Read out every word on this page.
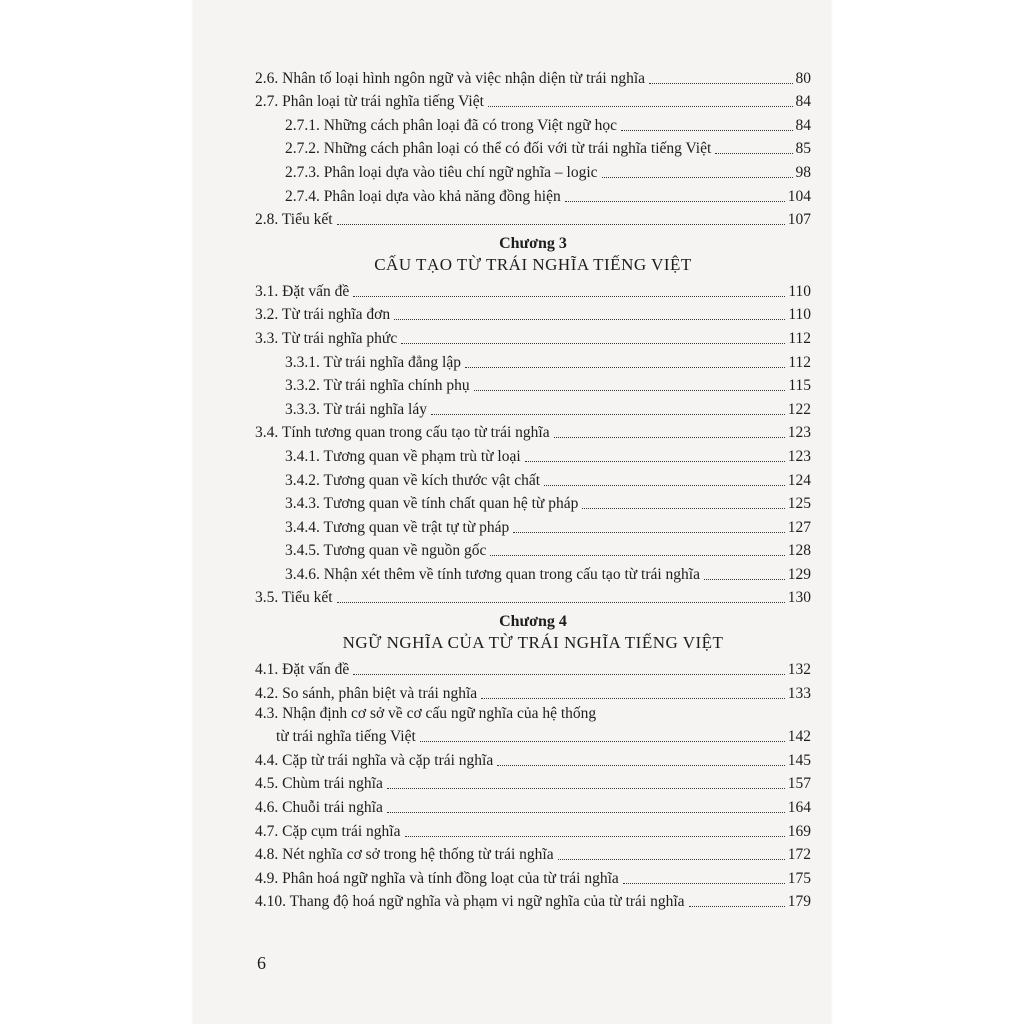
2.6. Nhân tố loại hình ngôn ngữ và việc nhận diện từ trái nghĩa	80
2.7. Phân loại từ trái nghĩa tiếng Việt	84
2.7.1. Những cách phân loại đã có trong Việt ngữ học	84
2.7.2. Những cách phân loại có thể có đối với từ trái nghĩa tiếng Việt	85
2.7.3. Phân loại dựa vào tiêu chí ngữ nghĩa – logic	98
2.7.4. Phân loại dựa vào khả năng đồng hiện	104
2.8. Tiểu kết	107
Chương 3
CẤU TẠO TỪ TRÁI NGHĨA TIẾNG VIỆT
3.1. Đặt vấn đề	110
3.2. Từ trái nghĩa đơn	110
3.3. Từ trái nghĩa phức	112
3.3.1. Từ trái nghĩa đẳng lập	112
3.3.2. Từ trái nghĩa chính phụ	115
3.3.3. Từ trái nghĩa láy	122
3.4. Tính tương quan trong cấu tạo từ trái nghĩa	123
3.4.1. Tương quan về phạm trù từ loại	123
3.4.2. Tương quan về kích thước vật chất	124
3.4.3. Tương quan về tính chất quan hệ từ pháp	125
3.4.4. Tương quan về trật tự từ pháp	127
3.4.5. Tương quan về nguồn gốc	128
3.4.6. Nhận xét thêm về tính tương quan trong cấu tạo từ trái nghĩa	129
3.5. Tiểu kết	130
Chương 4
NGỮ NGHĨA CỦA TỪ TRÁI NGHĨA TIẾNG VIỆT
4.1. Đặt vấn đề	132
4.2. So sánh, phân biệt và trái nghĩa	133
4.3. Nhận định cơ sở về cơ cấu ngữ nghĩa của hệ thống
từ trái nghĩa tiếng Việt	142
4.4. Cặp từ trái nghĩa và cặp trái nghĩa	145
4.5. Chùm trái nghĩa	157
4.6. Chuỗi trái nghĩa	164
4.7. Cặp cụm trái nghĩa	169
4.8. Nét nghĩa cơ sở trong hệ thống từ trái nghĩa	172
4.9. Phân hoá ngữ nghĩa và tính đồng loạt của từ trái nghĩa	175
4.10. Thang độ hoá ngữ nghĩa và phạm vi ngữ nghĩa của từ trái nghĩa	179
6
